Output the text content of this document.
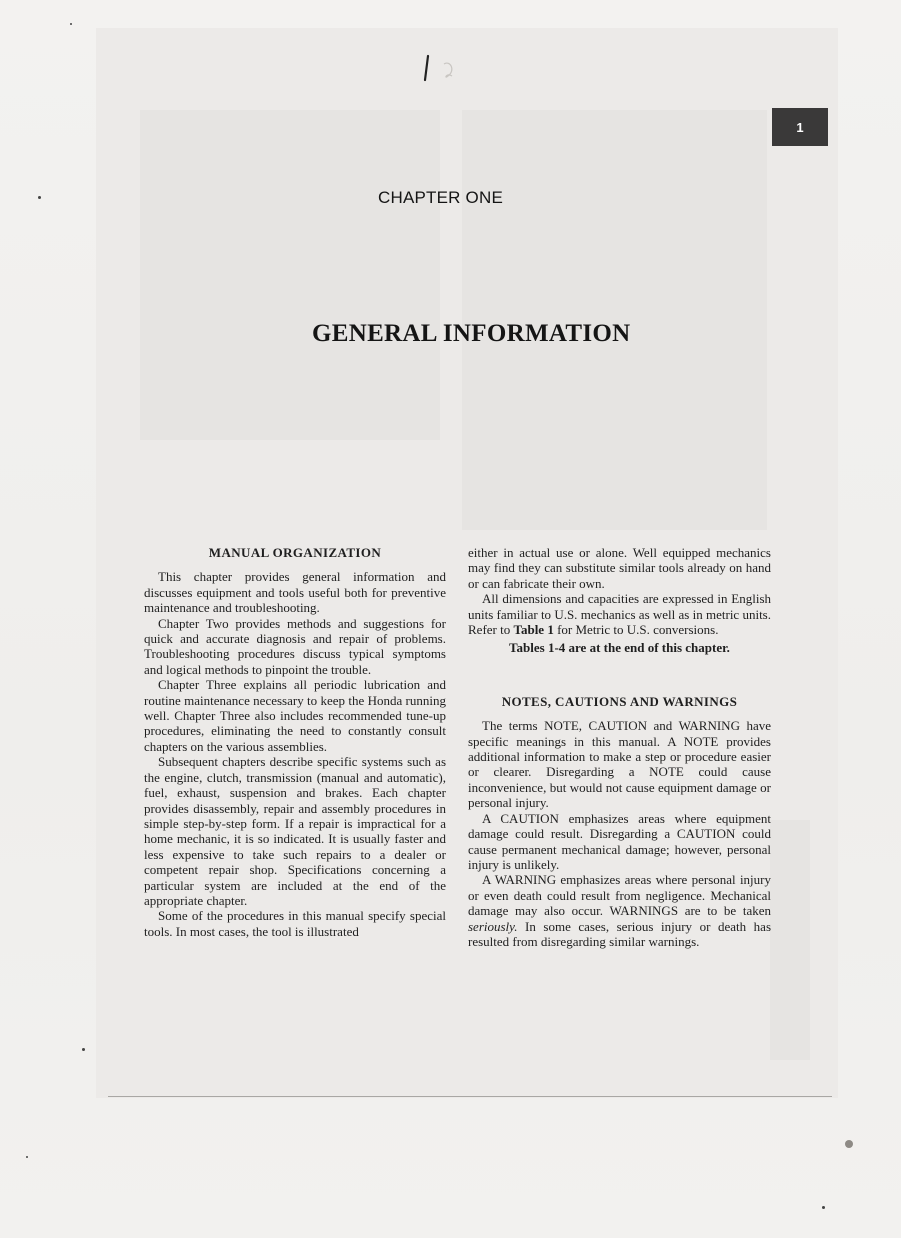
1
CHAPTER ONE
GENERAL INFORMATION
MANUAL ORGANIZATION

This chapter provides general information and discusses equipment and tools useful both for preventive maintenance and troubleshooting.

Chapter Two provides methods and suggestions for quick and accurate diagnosis and repair of problems. Troubleshooting procedures discuss typical symptoms and logical methods to pinpoint the trouble.

Chapter Three explains all periodic lubrication and routine maintenance necessary to keep the Honda running well. Chapter Three also includes recommended tune-up procedures, eliminating the need to constantly consult chapters on the various assemblies.

Subsequent chapters describe specific systems such as the engine, clutch, transmission (manual and automatic), fuel, exhaust, suspension and brakes. Each chapter provides disassembly, repair and assembly procedures in simple step-by-step form. If a repair is impractical for a home mechanic, it is so indicated. It is usually faster and less expensive to take such repairs to a dealer or competent repair shop. Specifications concerning a particular system are included at the end of the appropriate chapter.

Some of the procedures in this manual specify special tools. In most cases, the tool is illustrated

either in actual use or alone. Well equipped mechanics may find they can substitute similar tools already on hand or can fabricate their own.

All dimensions and capacities are expressed in English units familiar to U.S. mechanics as well as in metric units. Refer to Table 1 for Metric to U.S. conversions.

Tables 1-4 are at the end of this chapter.

NOTES, CAUTIONS AND WARNINGS

The terms NOTE, CAUTION and WARNING have specific meanings in this manual. A NOTE provides additional information to make a step or procedure easier or clearer. Disregarding a NOTE could cause inconvenience, but would not cause equipment damage or personal injury.

A CAUTION emphasizes areas where equipment damage could result. Disregarding a CAUTION could cause permanent mechanical damage; however, personal injury is unlikely.

A WARNING emphasizes areas where personal injury or even death could result from negligence. Mechanical damage may also occur. WARNINGS are to be taken seriously. In some cases, serious injury or death has resulted from disregarding similar warnings.
